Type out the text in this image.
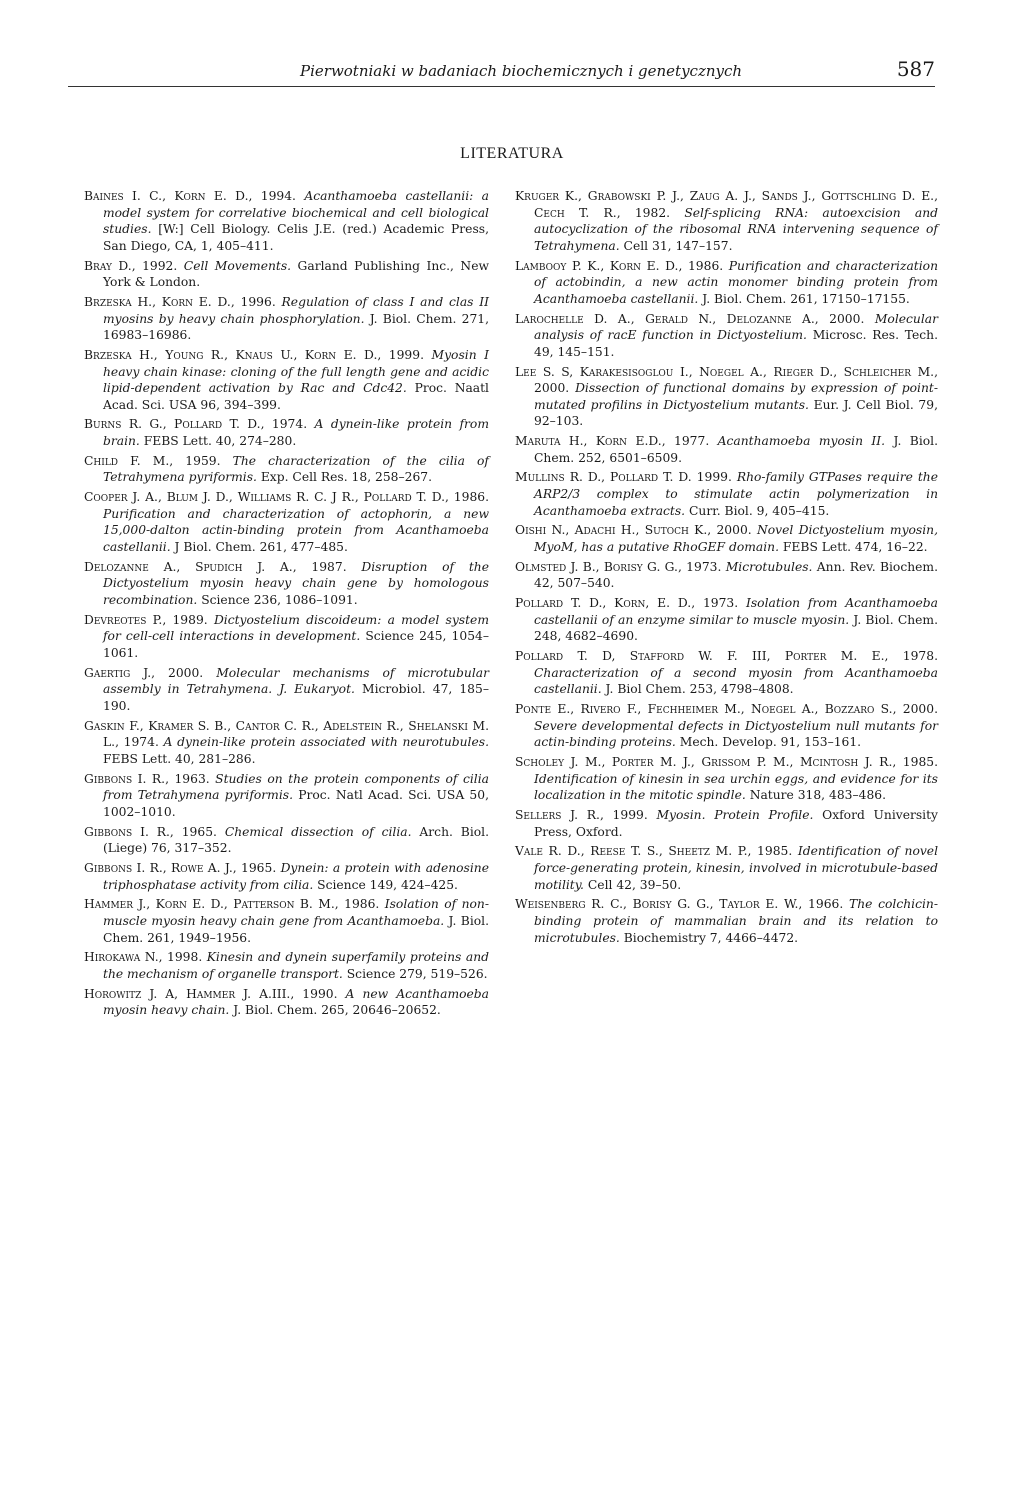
Pierwotniaki w badaniach biochemicznych i genetycznych	587
LITERATURA

Baines I. C., Korn E. D., 1994. Acanthamoeba castellanii: a model system for correlative biochemical and cell biological studies. [W:] Cell Biology. Celis J.E. (red.) Academic Press, San Diego, CA, 1, 405–411.

Bray D., 1992. Cell Movements. Garland Publishing Inc., New York & London.

Brzeska H., Korn E. D., 1996. Regulation of class I and clas II myosins by heavy chain phosphorylation. J. Biol. Chem. 271, 16983–16986.

Brzeska H., Young R., Knaus U., Korn E. D., 1999. Myosin I heavy chain kinase: cloning of the full length gene and acidic lipid-dependent activation by Rac and Cdc42. Proc. Naatl Acad. Sci. USA 96, 394–399.

Burns R. G., Pollard T. D., 1974. A dynein-like protein from brain. FEBS Lett. 40, 274–280.

Child F. M., 1959. The characterization of the cilia of Tetrahymena pyriformis. Exp. Cell Res. 18, 258–267.

Cooper J. A., Blum J. D., Williams R. C. J R., Pollard T. D., 1986. Purification and characterization of actophorin, a new 15,000-dalton actin-binding protein from Acanthamoeba castellanii. J Biol. Chem. 261, 477–485.

Delozanne A., Spudich J. A., 1987. Disruption of the Dictyostelium myosin heavy chain gene by homologous recombination. Science 236, 1086–1091.

Devreotes P., 1989. Dictyostelium discoideum: a model system for cell-cell interactions in development. Science 245, 1054–1061.

Gaertig J., 2000. Molecular mechanisms of microtubular assembly in Tetrahymena. J. Eukaryot. Microbiol. 47, 185–190.

Gaskin F., Kramer S. B., Cantor C. R., Adelstein R., Shelanski M. L., 1974. A dynein-like protein associated with neurotubules. FEBS Lett. 40, 281–286.

Gibbons I. R., 1963. Studies on the protein components of cilia from Tetrahymena pyriformis. Proc. Natl Acad. Sci. USA 50, 1002–1010.

Gibbons I. R., 1965. Chemical dissection of cilia. Arch. Biol. (Liege) 76, 317–352.

Gibbons I. R., Rowe A. J., 1965. Dynein: a protein with adenosine triphosphatase activity from cilia. Science 149, 424–425.

Hammer J., Korn E. D., Patterson B. M., 1986. Isolation of non-muscle myosin heavy chain gene from Acanthamoeba. J. Biol. Chem. 261, 1949–1956.

Hirokawa N., 1998. Kinesin and dynein superfamily proteins and the mechanism of organelle transport. Science 279, 519–526.

Horowitz J. A, Hammer J. A.III., 1990. A new Acanthamoeba myosin heavy chain. J. Biol. Chem. 265, 20646–20652.

Kruger K., Grabowski P. J., Zaug A. J., Sands J., Gottschling D. E., Cech T. R., 1982. Self-splicing RNA: autoexcision and autocyclization of the ribosomal RNA intervening sequence of Tetrahymena. Cell 31, 147–157.

Lambooy P. K., Korn E. D., 1986. Purification and characterization of actobindin, a new actin monomer binding protein from Acanthamoeba castellanii. J. Biol. Chem. 261, 17150–17155.

Larochelle D. A., Gerald N., Delozanne A., 2000. Molecular analysis of racE function in Dictyostelium. Microsc. Res. Tech. 49, 145–151.

Lee S. S, Karakesisoglou I., Noegel A., Rieger D., Schleicher M., 2000. Dissection of functional domains by expression of point-mutated profilins in Dictyostelium mutants. Eur. J. Cell Biol. 79, 92–103.

Maruta H., Korn E.D., 1977. Acanthamoeba myosin II. J. Biol. Chem. 252, 6501–6509.

Mullins R. D., Pollard T. D. 1999. Rho-family GTPases require the ARP2/3 complex to stimulate actin polymerization in Acanthamoeba extracts. Curr. Biol. 9, 405–415.

Oishi N., Adachi H., Sutoch K., 2000. Novel Dictyostelium myosin, MyoM, has a putative RhoGEF domain. FEBS Lett. 474, 16–22.

Olmsted J. B., Borisy G. G., 1973. Microtubules. Ann. Rev. Biochem. 42, 507–540.

Pollard T. D., Korn, E. D., 1973. Isolation from Acanthamoeba castellanii of an enzyme similar to muscle myosin. J. Biol. Chem. 248, 4682–4690.

Pollard T. D, Stafford W. F. III, Porter M. E., 1978. Characterization of a second myosin from Acanthamoeba castellanii. J. Biol Chem. 253, 4798–4808.

Ponte E., Rivero F., Fechheimer M., Noegel A., Bozzaro S., 2000. Severe developmental defects in Dictyostelium null mutants for actin-binding proteins. Mech. Develop. 91, 153–161.

Scholey J. M., Porter M. J., Grissom P. M., Mcintosh J. R., 1985. Identification of kinesin in sea urchin eggs, and evidence for its localization in the mitotic spindle. Nature 318, 483–486.

Sellers J. R., 1999. Myosin. Protein Profile. Oxford University Press, Oxford.

Vale R. D., Reese T. S., Sheetz M. P., 1985. Identification of novel force-generating protein, kinesin, involved in microtubule-based motility. Cell 42, 39–50.

Weisenberg R. C., Borisy G. G., Taylor E. W., 1966. The colchicin-binding protein of mammalian brain and its relation to microtubules. Biochemistry 7, 4466–4472.
